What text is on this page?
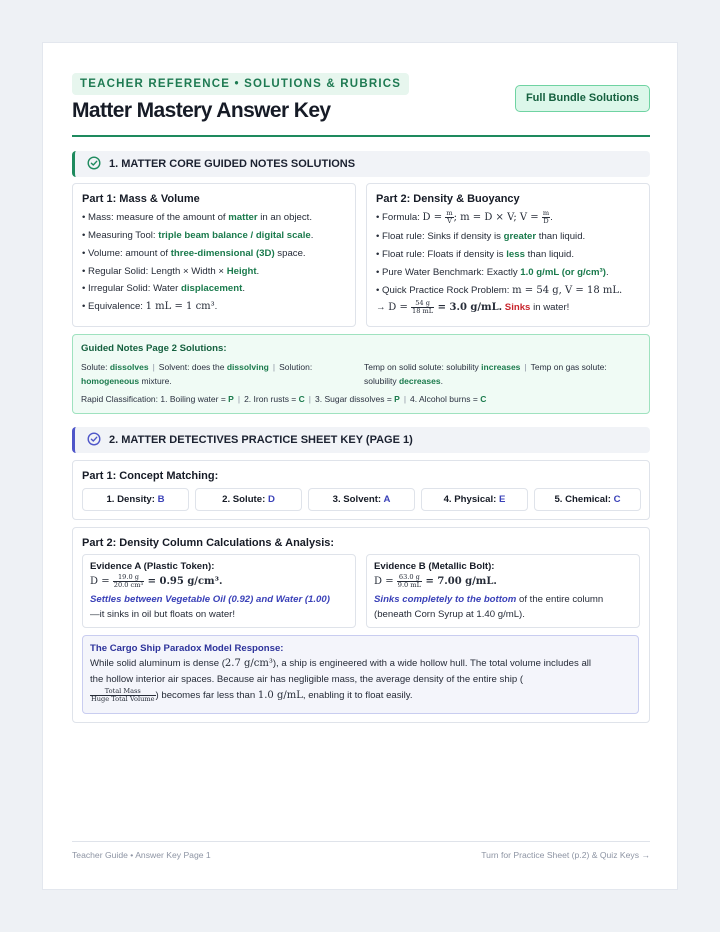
TEACHER REFERENCE • SOLUTIONS & RUBRICS
Matter Mastery Answer Key
Full Bundle Solutions
1. MATTER CORE GUIDED NOTES SOLUTIONS
Part 1: Mass & Volume
• Mass: measure of the amount of matter in an object.
• Measuring Tool: triple beam balance / digital scale.
• Volume: amount of three-dimensional (3D) space.
• Regular Solid: Length × Width × Height.
• Irregular Solid: Water displacement.
• Equivalence: 1 mL = 1 cm³.
Part 2: Density & Buoyancy
• Formula: $D = \frac{m}{V}$ ; m = D × V; $V = \frac{m}{D}$ .
• Float rule: Sinks if density is greater than liquid.
• Float rule: Floats if density is less than liquid.
• Pure Water Benchmark: Exactly 1.0 g/mL (or g/cm³).
• Quick Practice Rock Problem: m = 54 g, V = 18 mL.
→ $D = \frac{54 g}{18 mL} = 3.0$ g/mL. Sinks in water!
Guided Notes Page 2 Solutions:
Solute: dissolves | Solvent: does the dissolving | Solution:
homogeneous mixture.
Temp on solid solute: solubility increases | Temp on gas solute:
solubility decreases.
Rapid Classification: 1. Boiling water = P | 2. Iron rusts = C | 3. Sugar dissolves = P | 4. Alcohol burns = C
2. MATTER DETECTIVES PRACTICE SHEET KEY (PAGE 1)
Part 1: Concept Matching:
1. Density: B	2. Solute: D	3. Solvent: A	4. Physical: E	5. Chemical: C
Part 2: Density Column Calculations & Analysis:
Evidence A (Plastic Token):
$D = \frac{19.0 g}{\text{20.0 cm³}} = 0.95$ g/cm³.
Settles between Vegetable Oil (0.92) and Water (1.00)
—it sinks in oil but floats on water!
Evidence B (Metallic Bolt):
$D = \frac{63.0 g}{9.0 mL} = 7.00$ g/mL.
Sinks completely to the bottom of the entire column
(beneath Corn Syrup at 1.40 g/mL).
The Cargo Ship Paradox Model Response:
While solid aluminum is dense (2.7 g/cm³), a ship is engineered with a wide hollow hull. The total volume includes all
the hollow interior air spaces. Because air has negligible mass, the average density of the entire ship (
$\frac{\text{Total Mass}}{\text{Huge Total Volume}}$ ) becomes far less than 1.0 g/mL, enabling it to float easily.
Teacher Guide • Answer Key Page 1	Turn for Practice Sheet (p.2) & Quiz Keys →
